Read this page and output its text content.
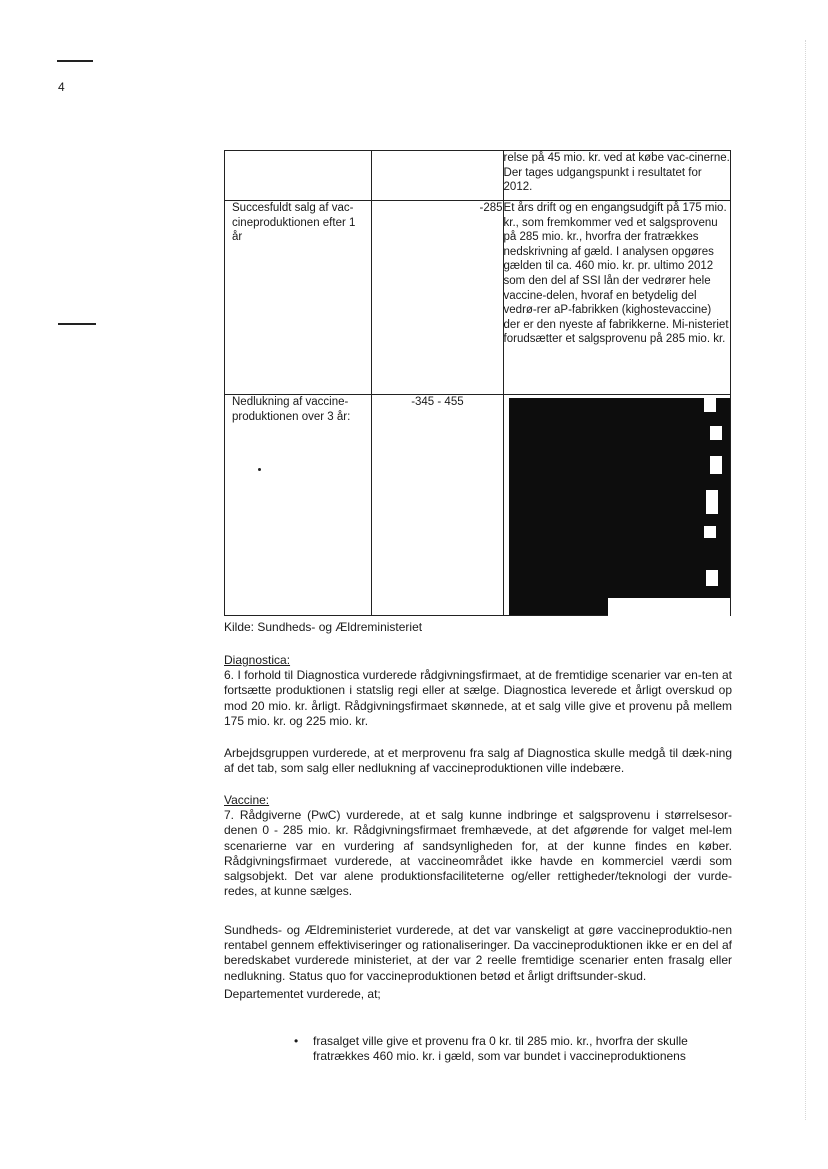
4
		relse på 45 mio. kr. ved at købe vac-cinerne. Der tages udgangspunkt i resultatet for 2012.

Succesfuldt salg af vac-cineproduktionen efter 1 år	-285	Et års drift og en engangsudgift på 175 mio. kr., som fremkommer ved et salgsprovenu på 285 mio. kr., hvorfra der fratrækkes nedskrivning af gæld. I analysen opgøres gælden til ca. 460 mio. kr. pr. ultimo 2012 som den del af SSI lån der vedrører hele vaccine-delen, hvoraf en betydelig del vedrø-rer aP-fabrikken (kighostevaccine) der er den nyeste af fabrikkerne. Mi-nisteriet forudsætter et salgsprovenu på 285 mio. kr.

Nedlukning af vaccine-produktionen over 3 år:	-345 - 455	
Kilde: Sundheds- og Ældreministeriet
Diagnostica:
6. I forhold til Diagnostica vurderede rådgivningsfirmaet, at de fremtidige scenarier var en-ten at fortsætte produktionen i statslig regi eller at sælge. Diagnostica leverede et årligt overskud op mod 20 mio. kr. årligt. Rådgivningsfirmaet skønnede, at et salg ville give et provenu på mellem 175 mio. kr. og 225 mio. kr.
Arbejdsgruppen vurderede, at et merprovenu fra salg af Diagnostica skulle medgå til dæk-ning af det tab, som salg eller nedlukning af vaccineproduktionen ville indebære.
Vaccine:
7. Rådgiverne (PwC) vurderede, at et salg kunne indbringe et salgsprovenu i størrelsesor-denen 0 - 285 mio. kr. Rådgivningsfirmaet fremhævede, at det afgørende for valget mel-lem scenarierne var en vurdering af sandsynligheden for, at der kunne findes en køber. Rådgivningsfirmaet vurderede, at vaccineområdet ikke havde en kommerciel værdi som salgsobjekt. Det var alene produktionsfaciliteterne og/eller rettigheder/teknologi der vurde-redes, at kunne sælges.
Sundheds- og Ældreministeriet vurderede, at det var vanskeligt at gøre vaccineproduktio-nen rentabel gennem effektiviseringer og rationaliseringer. Da vaccineproduktionen ikke er en del af beredskabet vurderede ministeriet, at der var 2 reelle fremtidige scenarier enten frasalg eller nedlukning. Status quo for vaccineproduktionen betød et årligt driftsunder-skud.
Departementet vurderede, at;
• frasalget ville give et provenu fra 0 kr. til 285 mio. kr., hvorfra der skulle fratrækkes 460 mio. kr. i gæld, som var bundet i vaccineproduktionens
